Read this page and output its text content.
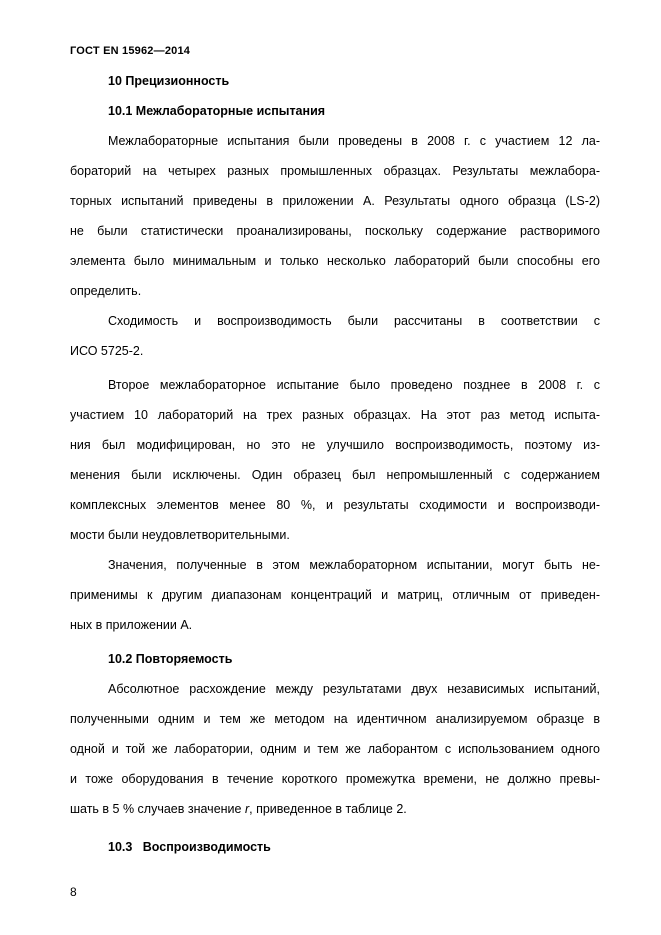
ГОСТ EN 15962—2014
10 Прецизионность
10.1 Межлабораторные испытания
Межлабораторные испытания были проведены в 2008 г. с участием 12 ла-
бораторий на четырех разных промышленных образцах. Результаты межлабора-
торных испытаний приведены в приложении А. Результаты одного образца (LS-2)
не были статистически проанализированы, поскольку содержание растворимого
элемента было минимальным и только несколько лабораторий были способны его
определить.
Сходимость и воспроизводимость были рассчитаны в соответствии с
ИСО 5725-2.
Второе межлабораторное испытание было проведено позднее в 2008 г. с
участием 10 лабораторий на трех разных образцах. На этот раз метод испыта-
ния был модифицирован, но это не улучшило воспроизводимость, поэтому из-
менения были исключены. Один образец был непромышленный с содержанием
комплексных элементов менее 80 %, и результаты сходимости и воспроизводи-
мости были неудовлетворительными.
Значения, полученные в этом межлабораторном испытании, могут быть не-
применимы к другим диапазонам концентраций и матриц, отличным от приведен-
ных в приложении А.
10.2 Повторяемость
Абсолютное расхождение между результатами двух независимых испытаний,
полученными одним и тем же методом на идентичном анализируемом образце в
одной и той же лаборатории, одним и тем же лаборантом с использованием одного
и тоже оборудования в течение короткого промежутка времени, не должно превы-
шать в 5 % случаев значение r, приведенное в таблице 2.
10.3   Воспроизводимость
8
